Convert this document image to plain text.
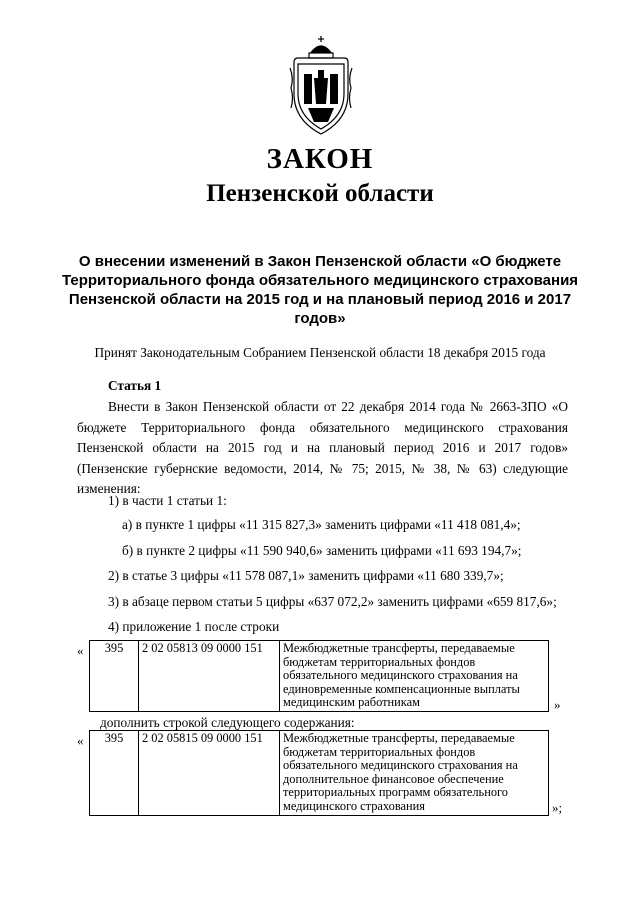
ЗАКОН
Пензенской области
О внесении изменений в Закон Пензенской области «О бюджете Территориального фонда обязательного медицинского страхования Пензенской области на 2015 год и на плановый период 2016 и 2017 годов»
Принят Законодательным Собранием Пензенской области 18 декабря 2015 года
Статья 1
Внести в Закон Пензенской области от 22 декабря 2014 года № 2663-ЗПО «О бюджете Территориального фонда обязательного медицинского страхования Пензенской области на 2015 год и на плановый период 2016 и 2017 годов» (Пензенские губернские ведомости, 2014, № 75; 2015, № 38, № 63) следующие изменения:
1) в части 1 статьи 1:
а) в пункте 1 цифры «11 315 827,3» заменить цифрами «11 418 081,4»;
б) в пункте 2 цифры «11 590 940,6» заменить цифрами «11 693 194,7»;
2) в статье 3 цифры «11 578 087,1» заменить цифрами «11 680 339,7»;
3) в абзаце первом статьи 5 цифры «637 072,2» заменить цифрами «659 817,6»;
4) приложение 1 после строки
« 395	2 02 05813 09 0000 151	Межбюджетные трансферты, передаваемые бюджетам территориальных фондов обязательного медицинского страхования на единовременные компенсационные выплаты медицинским работникам	»
дополнить строкой следующего содержания:
« 395	2 02 05815 09 0000 151	Межбюджетные трансферты, передаваемые бюджетам территориальных фондов обязательного медицинского страхования на дополнительное финансовое обеспечение территориальных программ обязательного медицинского страхования	»;
